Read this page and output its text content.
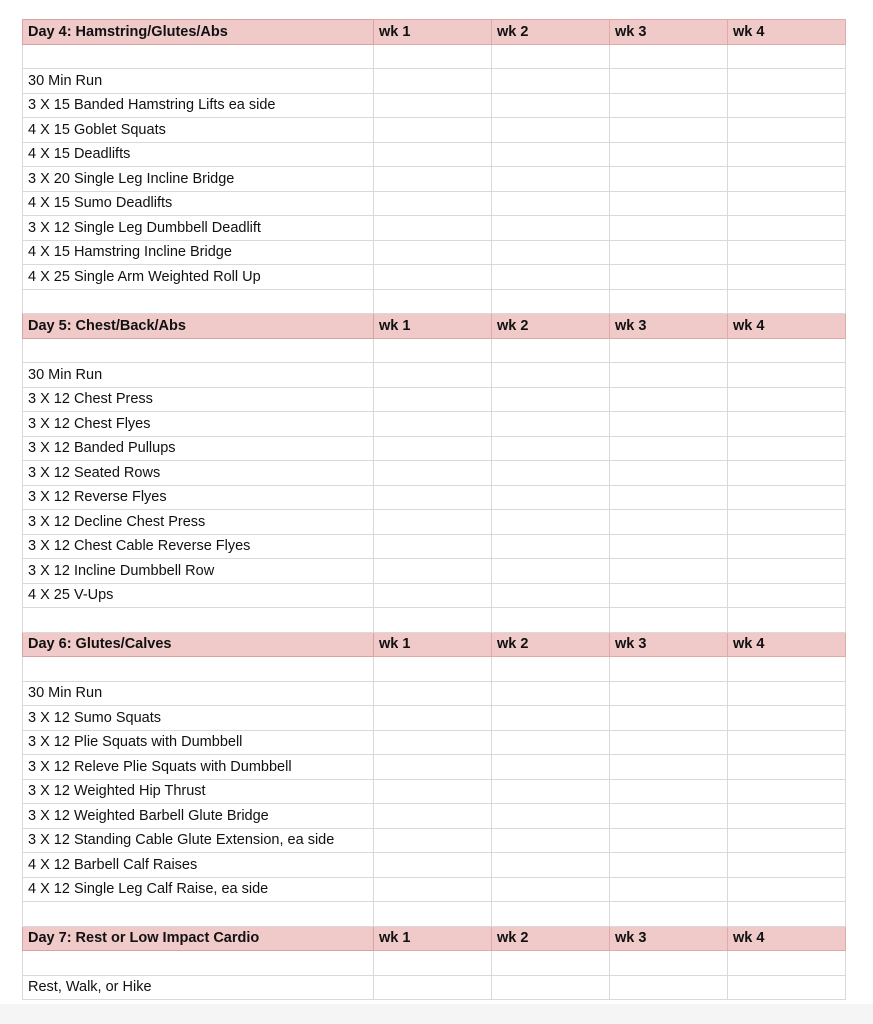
Day 4: Hamstring/Glutes/Abs	wk 1	wk 2	wk 3	wk 4

30 Min Run				
3 X 15 Banded Hamstring Lifts ea side				
4 X 15 Goblet Squats				
4 X 15 Deadlifts				
3 X 20 Single Leg Incline Bridge				
4 X 15 Sumo Deadlifts				
3 X 12 Single Leg Dumbbell Deadlift				
4 X 15 Hamstring Incline Bridge				
4 X 25 Single Arm Weighted Roll Up				

Day 5: Chest/Back/Abs	wk 1	wk 2	wk 3	wk 4

30 Min Run				
3 X 12 Chest Press				
3 X 12 Chest Flyes				
3 X 12 Banded Pullups				
3 X 12 Seated Rows				
3 X 12 Reverse Flyes				
3 X 12 Decline Chest Press				
3 X 12 Chest Cable Reverse Flyes				
3 X 12 Incline Dumbbell Row				
4 X 25 V-Ups				

Day 6: Glutes/Calves	wk 1	wk 2	wk 3	wk 4

30 Min Run				
3 X 12 Sumo Squats				
3 X 12 Plie Squats with Dumbbell				
3 X 12 Releve Plie Squats with Dumbbell				
3 X 12 Weighted Hip Thrust				
3 X 12 Weighted Barbell Glute Bridge				
3 X 12 Standing Cable Glute Extension, ea side				
4 X 12 Barbell Calf Raises				
4 X 12 Single Leg Calf Raise, ea side				

Day 7: Rest or Low Impact Cardio	wk 1	wk 2	wk 3	wk 4

Rest, Walk, or Hike				
